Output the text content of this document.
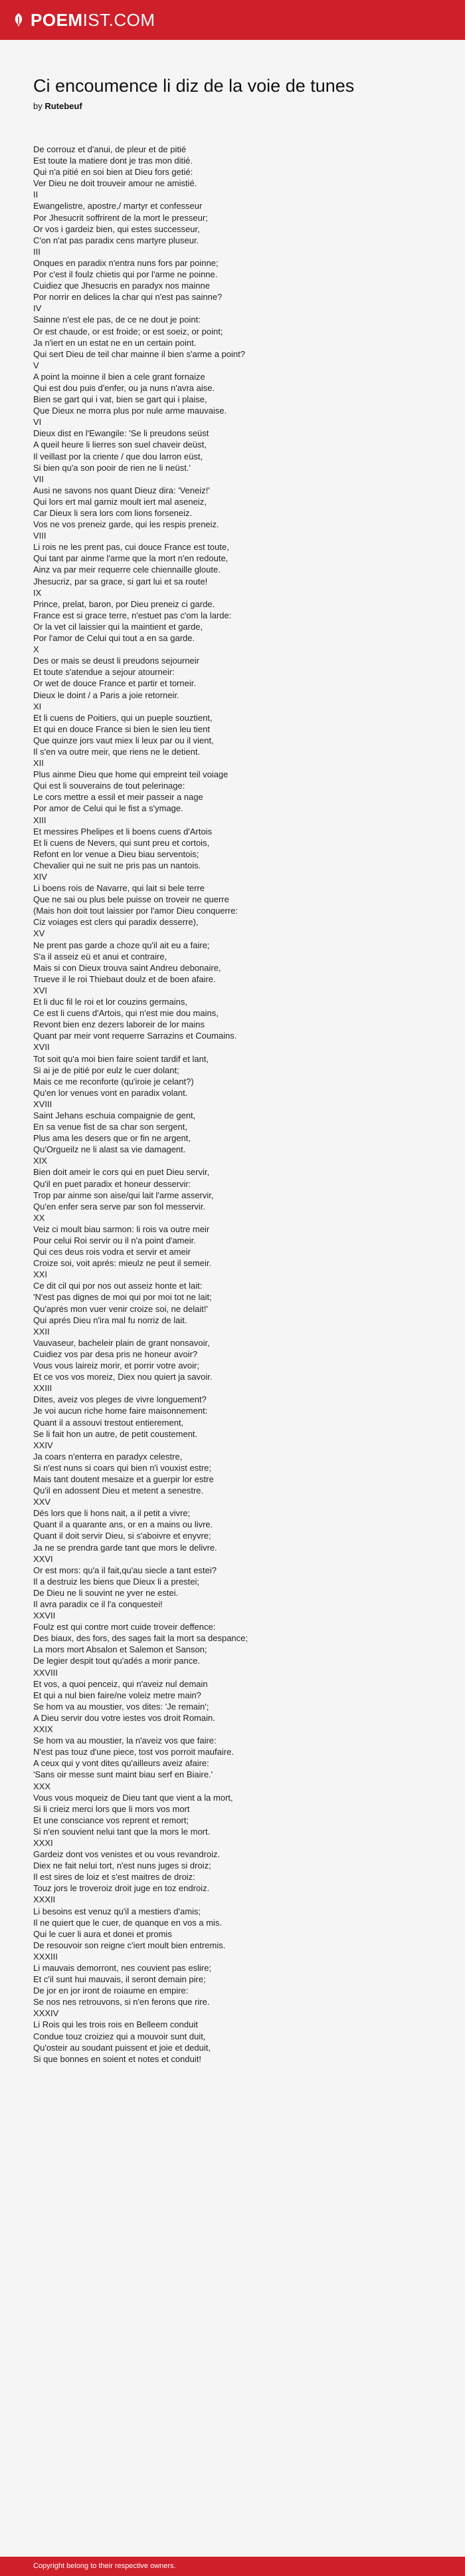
POEMIST.COM
Ci encoumence li diz de la voie de tunes
by Rutebeuf
De corrouz et d'anui, de pleur et de pitié
Est toute la matiere dont je tras mon ditié.
Qui n'a pitié en soi bien at Dieu fors getié:
Ver Dieu ne doit trouveir amour ne amistié.
II
Ewangelistre, apostre,/ martyr et confesseur
Por Jhesucrit soffrirent de la mort le presseur;
Or vos i gardeiz bien, qui estes successeur,
C'on n'at pas paradix cens martyre pluseur.
III
Onques en paradix n'entra nuns fors par poinne;
Por c'est il foulz chietis qui por l'arme ne poinne.
Cuidiez que Jhesucris en paradyx nos mainne
Por norrir en delices la char qui n'est pas sainne?
IV
Sainne n'est ele pas, de ce ne dout je point:
Or est chaude, or est froide; or est soeiz, or point;
Ja n'iert en un estat ne en un certain point.
Qui sert Dieu de teil char mainne il bien s'arme a point?
V
A point la moinne il bien a cele grant fornaize
Qui est dou puis d'enfer, ou ja nuns n'avra aise.
Bien se gart qui i vat, bien se gart qui i plaise,
Que Dieux ne morra plus por nule arme mauvaise.
VI
Dieux dist en l'Ewangile: 'Se li preudons seüst
A queil heure li lierres son suel chaveir deüst,
Il veillast por la criente / que dou larron eüst,
Si bien qu'a son pooir de rien ne li neüst.'
VII
Ausi ne savons nos quant Dieuz dira: 'Veneiz!'
Qui lors ert mal garniz moult iert mal aseneiz,
Car Dieux li sera lors com lions forseneiz.
Vos ne vos preneiz garde, qui les respis preneiz.
VIII
Li rois ne les prent pas, cui douce France est toute,
Qui tant par ainme l'arme que la mort n'en redoute,
Ainz va par meir requerre cele chiennaille gloute.
Jhesucriz, par sa grace, si gart lui et sa route!
IX
Prince, prelat, baron, por Dieu preneiz ci garde.
France est si grace terre, n'estuet pas c'om la larde:
Or la vet cil laissier qui la maintient et garde,
Por l'amor de Celui qui tout a en sa garde.
X
Des or mais se deust li preudons sejourneir
Et toute s'atendue a sejour atourneir:
Or wet de douce France et partir et torneir.
Dieux le doint / a Paris a joie retorneir.
XI
Et li cuens de Poitiers, qui un pueple souztient,
Et qui en douce France si bien le sien leu tient
Que quinze jors vaut miex li leux par ou il vient,
Il s'en va outre meir, que riens ne le detient.
XII
Plus ainme Dieu que home qui empreint teil voiage
Qui est li souverains de tout pelerinage:
Le cors mettre a essil et meir passeir a nage
Por amor de Celui qui le fist a s'ymage.
XIII
Et messires Phelipes et li boens cuens d'Artois
Et li cuens de Nevers, qui sunt preu et cortois,
Refont en lor venue a Dieu biau serventois;
Chevalier qui ne suit ne pris pas un nantois.
XIV
Li boens rois de Navarre, qui lait si bele terre
Que ne sai ou plus bele puisse on troveir ne querre
(Mais hon doit tout laissier por l'amor Dieu conquerre:
Ciz voiages est clers qui paradix desserre),
XV
Ne prent pas garde a choze qu'il ait eu a faire;
S'a il asseiz eü et anui et contraire,
Mais si con Dieux trouva saint Andreu debonaire,
Trueve il le roi Thiebaut doulz et de boen afaire.
XVI
Et li duc fil le roi et lor couzins germains,
Ce est li cuens d'Artois, qui n'est mie dou mains,
Revont bien enz dezers laboreir de lor mains
Quant par meir vont requerre Sarrazins et Coumains.
XVII
Tot soit qu'a moi bien faire soient tardif et lant,
Si ai je de pitié por eulz le cuer dolant;
Mais ce me reconforte (qu'iroie je celant?)
Qu'en lor venues vont en paradix volant.
XVIII
Saint Jehans eschuia compaignie de gent,
En sa venue fist de sa char son sergent,
Plus ama les desers que or fin ne argent,
Qu'Orgueilz ne li alast sa vie damagent.
XIX
Bien doit ameir le cors qui en puet Dieu servir,
Qu'il en puet paradix et honeur desservir:
Trop par ainme son aise/qui lait l'arme asservir,
Qu'en enfer sera serve par son fol messervir.
XX
Veiz ci moult biau sarmon: li rois va outre meir
Pour celui Roi servir ou il n'a point d'ameir.
Qui ces deus rois vodra et servir et ameir
Croize soi, voit aprés: mieulz ne peut il semeir.
XXI
Ce dit cil qui por nos out asseiz honte et lait:
'N'est pas dignes de moi qui por moi tot ne lait;
Qu'aprés mon vuer venir croize soi, ne delait!'
Qui aprés Dieu n'ira mal fu norriz de lait.
XXII
Vauvaseur, bacheleir plain de grant nonsavoir,
Cuidiez vos par desa pris ne honeur avoir?
Vous vous laireiz morir, et porrir votre avoir;
Et ce vos vos moreiz, Diex nou quiert ja savoir.
XXIII
Dites, aveiz vos pleges de vivre longuement?
Je voi aucun riche home faire maisonnement:
Quant il a assouvi trestout entierement,
Se li fait hon un autre, de petit coustement.
XXIV
Ja coars n'enterra en paradyx celestre,
Si n'est nuns si coars qui bien n'i vouxist estre;
Mais tant doutent mesaize et a guerpir lor estre
Qu'il en adossent Dieu et metent a senestre.
XXV
Dés lors que li hons nait, a il petit a vivre;
Quant il a quarante ans, or en a mains ou livre.
Quant il doit servir Dieu, si s'aboivre et enyvre;
Ja ne se prendra garde tant que mors le delivre.
XXVI
Or est mors: qu'a il fait,qu'au siecle a tant estei?
Il a destruiz les biens que Dieux li a prestei;
De Dieu ne li souvint ne yver ne estei.
Il avra paradix ce il l'a conquestei!
XXVII
Foulz est qui contre mort cuide troveir deffence:
Des biaux, des fors, des sages fait la mort sa despance;
La mors mort Absalon et Salemon et Sanson;
De legier despit tout qu'adés a morir pance.
XXVIII
Et vos, a quoi penceiz, qui n'aveiz nul demain
Et qui a nul bien faire/ne voleiz metre main?
Se hom va au moustier, vos dites: 'Je remain';
A Dieu servir dou votre iestes vos droit Romain.
XXIX
Se hom va au moustier, la n'aveiz vos que faire:
N'est pas touz d'une piece, tost vos porroit maufaire.
A ceux qui y vont dites qu'ailleurs aveiz afaire:
'Sans oir messe sunt maint biau serf en Biaire.'
XXX
Vous vous moqueiz de Dieu tant que vient a la mort,
Si li crieiz merci lors que li mors vos mort
Et une consciance vos reprent et remort;
Si n'en souvient nelui tant que la mors le mort.
XXXI
Gardeiz dont vos venistes et ou vous revandroiz.
Diex ne fait nelui tort, n'est nuns juges si droiz;
Il est sires de loiz et s'est maitres de droiz:
Touz jors le troveroiz droit juge en toz endroiz.
XXXII
Li besoins est venuz qu'il a mestiers d'amis;
Il ne quiert que le cuer, de quanque en vos a mis.
Qui le cuer li aura et donei et promis
De resouvoir son reigne c'iert moult bien entremis.
XXXIII
Li mauvais demorront, nes couvient pas eslire;
Et c'il sunt hui mauvais, il seront demain pire;
De jor en jor iront de roiaume en empire:
Se nos nes retrouvons, si n'en ferons que rire.
XXXIV
Li Rois qui les trois rois en Belleem conduit
Condue touz croiziez qui a mouvoir sunt duit,
Qu'osteir au soudant puissent et joie et deduit,
Si que bonnes en soient et notes et conduit!
Copyright belong to their respective owners.
